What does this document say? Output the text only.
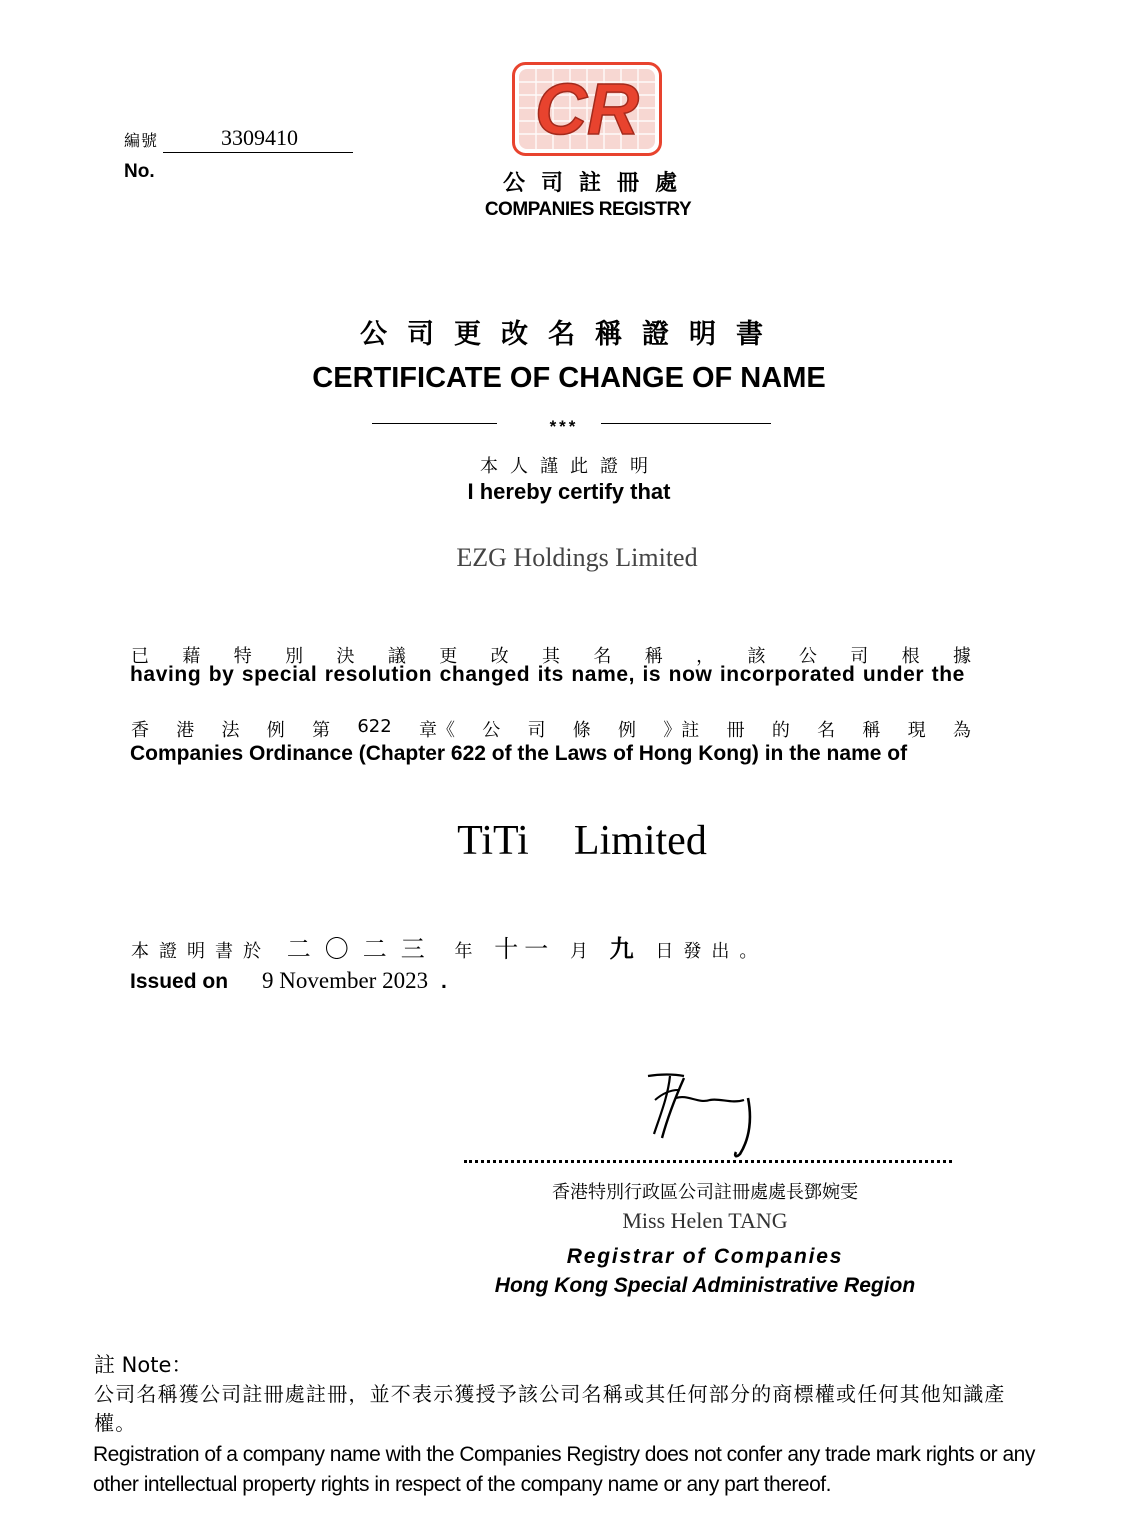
編號	3309410
No.
CR
公司註冊處
COMPANIES REGISTRY
公司更改名稱證明書
CERTIFICATE OF CHANGE OF NAME
***
本人謹此證明
I hereby certify that
EZG Holdings Limited
已 藉 特 別 決 議 更 改 其 名 稱 ， 該 公 司 根 據
having by special resolution changed its name, is now incorporated under the
香 港 法 例 第 622 章《 公 司 條 例 》註 冊 的 名 稱 現 為
Companies Ordinance (Chapter 622 of the Laws of Hong Kong) in the name of
TiTi  Limited
本證明書於 二〇二三 年 十一 月 九 日發出。
Issued on 9 November 2023 .
香港特別行政區公司註冊處處長鄧婉雯
Miss Helen TANG
Registrar of Companies
Hong Kong Special Administrative Region
註 Note：
公司名稱獲公司註冊處註冊，並不表示獲授予該公司名稱或其任何部分的商標權或任何其他知識產權。
Registration of a company name with the Companies Registry does not confer any trade mark rights or any other intellectual property rights in respect of the company name or any part thereof.
